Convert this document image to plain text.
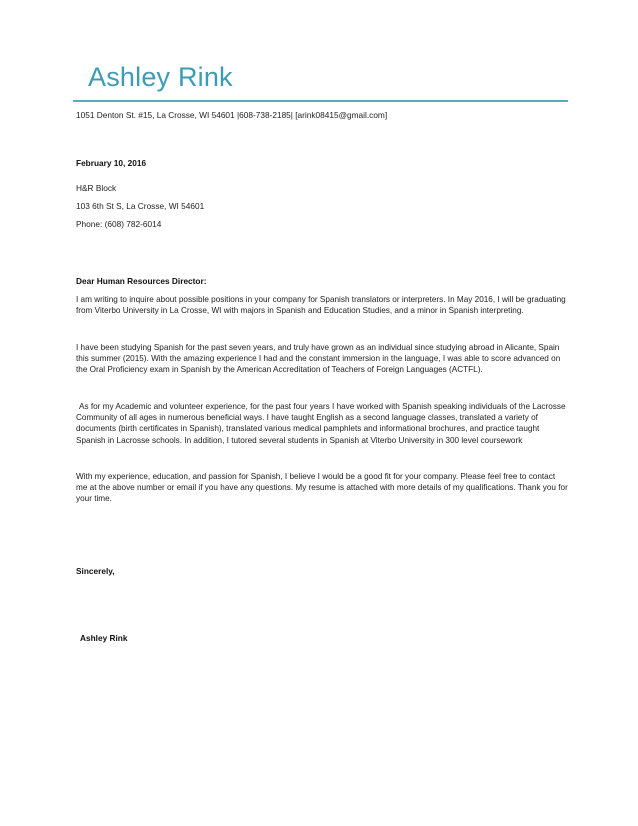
Ashley Rink
1051 Denton St. #15, La Crosse, WI 54601 |608-738-2185| [arink08415@gmail.com]
February 10, 2016
H&R Block
103 6th St S, La Crosse, WI 54601
Phone: (608) 782-6014
Dear Human Resources Director:
I am writing to inquire about possible positions in your company for Spanish translators or interpreters. In May 2016, I will be graduating from Viterbo University in La Crosse, WI with majors in Spanish and Education Studies, and a minor in Spanish interpreting.
I have been studying Spanish for the past seven years, and truly have grown as an individual since studying abroad in Alicante, Spain this summer (2015). With the amazing experience I had and the constant immersion in the language, I was able to score advanced on the Oral Proficiency exam in Spanish by the American Accreditation of Teachers of Foreign Languages (ACTFL).
As for my Academic and volunteer experience, for the past four years I have worked with Spanish speaking individuals of the Lacrosse Community of all ages in numerous beneficial ways. I have taught English as a second language classes, translated a variety of documents (birth certificates in Spanish), translated various medical pamphlets and informational brochures, and practice taught Spanish in Lacrosse schools. In addition, I tutored several students in Spanish at Viterbo University in 300 level coursework
With my experience, education, and passion for Spanish, I believe I would be a good fit for your company. Please feel free to contact me at the above number or email if you have any questions. My resume is attached with more details of my qualifications. Thank you for your time.
Sincerely,
Ashley Rink
